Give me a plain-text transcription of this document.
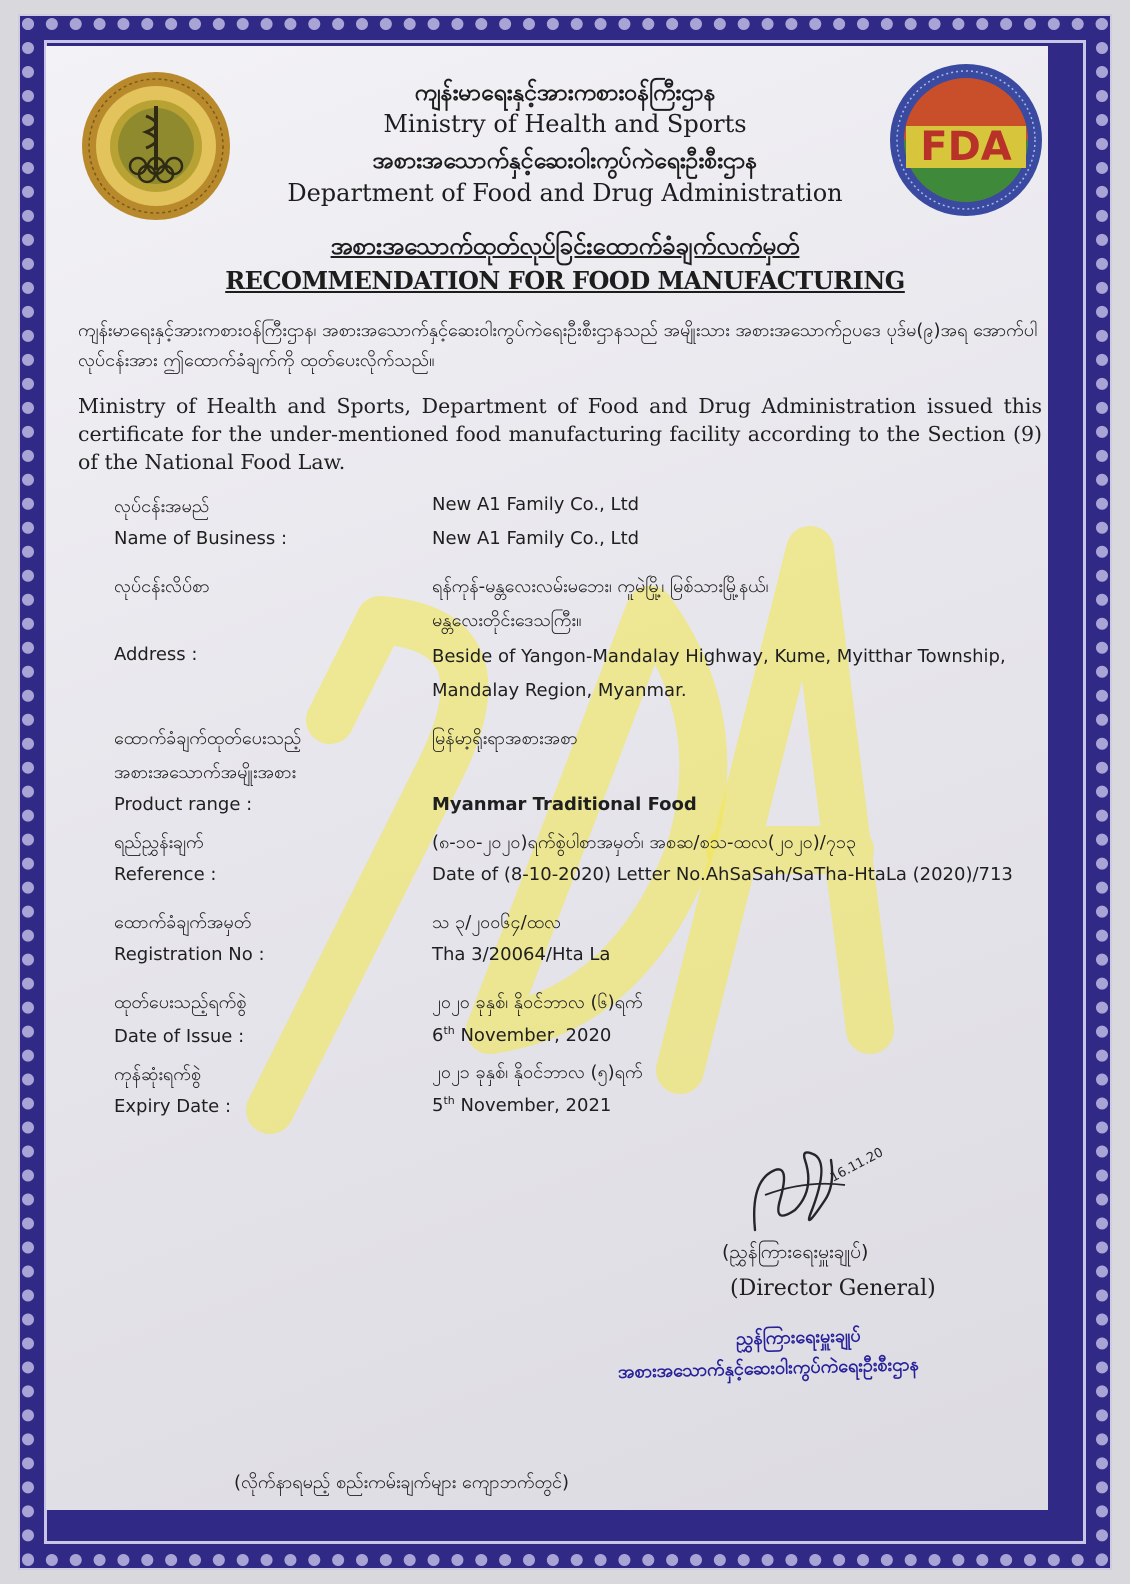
FDA
ကျန်းမာရေးနှင့်အားကစားဝန်ကြီးဌာန
Ministry of Health and Sports
အစားအသောက်နှင့်ဆေးဝါးကွပ်ကဲရေးဦးစီးဌာန
Department of Food and Drug Administration
အစားအသောက်ထုတ်လုပ်ခြင်းထောက်ခံချက်လက်မှတ်
RECOMMENDATION FOR FOOD MANUFACTURING
ကျန်းမာရေးနှင့်အားကစားဝန်ကြီးဌာန၊ အစားအသောက်နှင့်ဆေးဝါးကွပ်ကဲရေးဦးစီးဌာနသည် အမျိုးသား အစားအသောက်ဥပဒေ ပုဒ်မ(၉)အရ အောက်ပါလုပ်ငန်းအား ဤထောက်ခံချက်ကို ထုတ်ပေးလိုက်သည်။
Ministry of Health and Sports, Department of Food and Drug Administration issued this certificate for the under-mentioned food manufacturing facility according to the Section (9) of the National Food Law.
လုပ်ငန်းအမည်	New A1 Family Co., Ltd
Name of Business :	New A1 Family Co., Ltd
လုပ်ငန်းလိပ်စာ	ရန်ကုန်-မန္တလေးလမ်းမဘေး၊ ကူမဲမြို့၊ မြစ်သားမြို့နယ်၊
မန္တလေးတိုင်းဒေသကြီး။
Address :	Beside of Yangon-Mandalay Highway, Kume, Myitthar Township,
Mandalay Region, Myanmar.
ထောက်ခံချက်ထုတ်ပေးသည့်	မြန်မာ့ရိုးရာအစားအစာ
အစားအသောက်အမျိုးအစား
Product range :	Myanmar Traditional Food
ရည်ညွှန်းချက်	(၈-၁၀-၂၀၂၀)ရက်စွဲပါစာအမှတ်၊ အစဆ/စသ-ထလ(၂၀၂၀)/၇၁၃
Reference :	Date of (8-10-2020) Letter No.AhSaSah/SaTha-HtaLa (2020)/713
ထောက်ခံချက်အမှတ်	သ ၃/၂၀၀၆၄/ထလ
Registration No :	Tha 3/20064/Hta La
ထုတ်ပေးသည့်ရက်စွဲ	၂၀၂၀ ခုနှစ်၊ နိုဝင်ဘာလ (၆)ရက်
Date of Issue :	6th November, 2020
ကုန်ဆုံးရက်စွဲ	၂၀၂၁ ခုနှစ်၊ နိုဝင်ဘာလ (၅)ရက်
Expiry Date :	5th November, 2021
16.11.20
(ညွှန်ကြားရေးမှူးချုပ်)
(Director General)
ညွှန်ကြားရေးမှူးချုပ်
အစားအသောက်နှင့်ဆေးဝါးကွပ်ကဲရေးဦးစီးဌာန
(လိုက်နာရမည့် စည်းကမ်းချက်များ ကျောဘက်တွင်)
